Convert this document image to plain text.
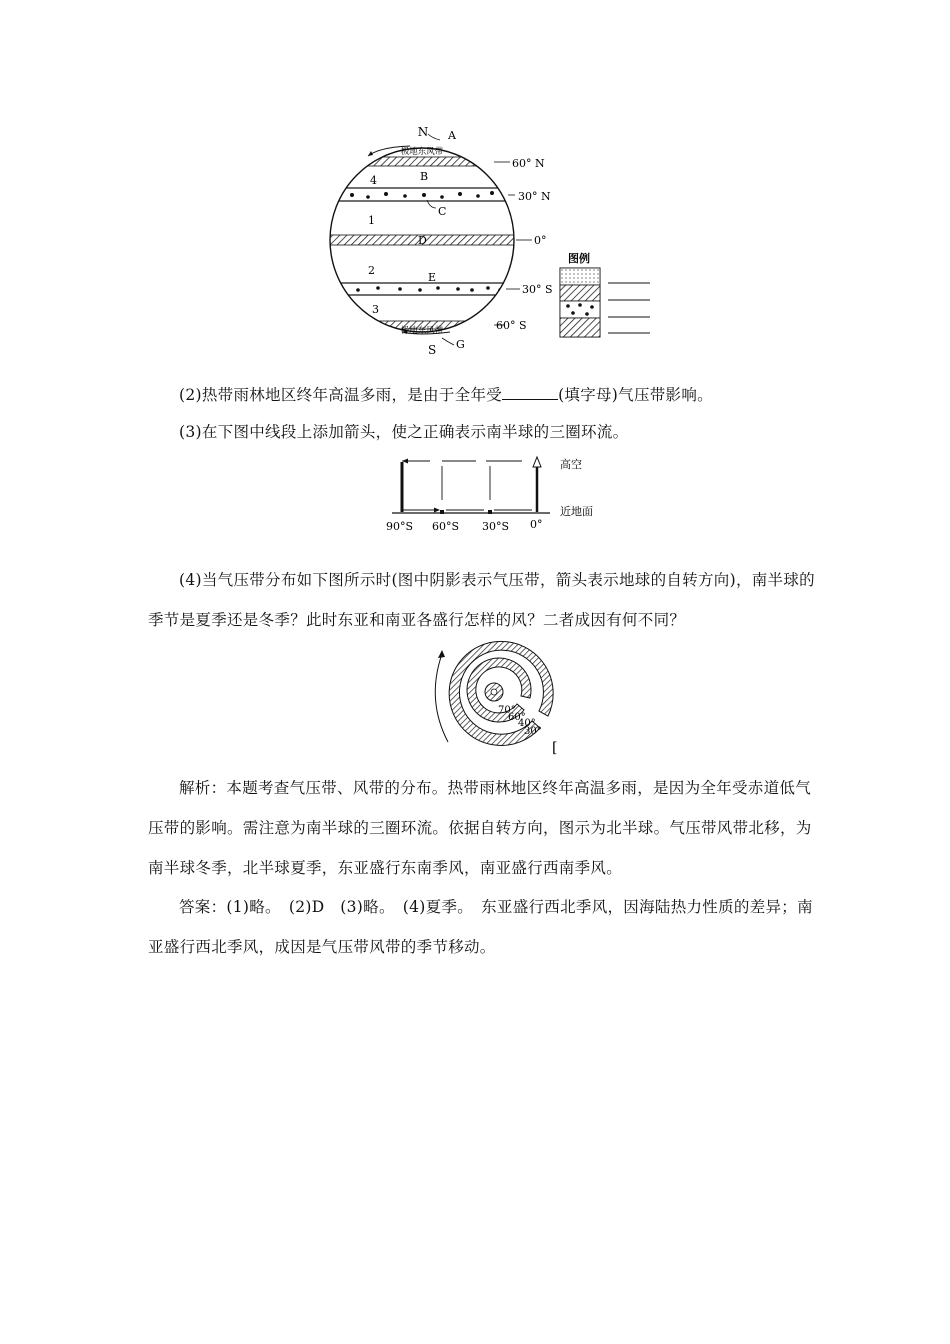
N A
极地东风带
60° N
4	B
30° N
C
1
D	0°
2
E
30° S
3
极地东风带	60° S
G
S
图例
(2)热带雨林地区终年高温多雨，是由于全年受	(填字母)气压带影响。
(3)在下图中线段上添加箭头，使之正确表示南半球的三圈环流。
高空
近地面
90°S 60°S 30°S 0°
(4)当气压带分布如下图所示时(图中阴影表示气压带，箭头表示地球的自转方向)，南半球的季节是夏季还是冬季？此时东亚和南亚各盛行怎样的风？二者成因有何不同？
70°
60°
40°
30°
[
解析：本题考查气压带、风带的分布。热带雨林地区终年高温多雨，是因为全年受赤道低气压带的影响。需注意为南半球的三圈环流。依据自转方向，图示为北半球。气压带风带北移，为南半球冬季，北半球夏季，东亚盛行东南季风，南亚盛行西南季风。
答案：(1)略。　(2)D　(3)略。　(4)夏季。　东亚盛行西北季风，因海陆热力性质的差异；南亚盛行西北季风，成因是气压带风带的季节移动。
